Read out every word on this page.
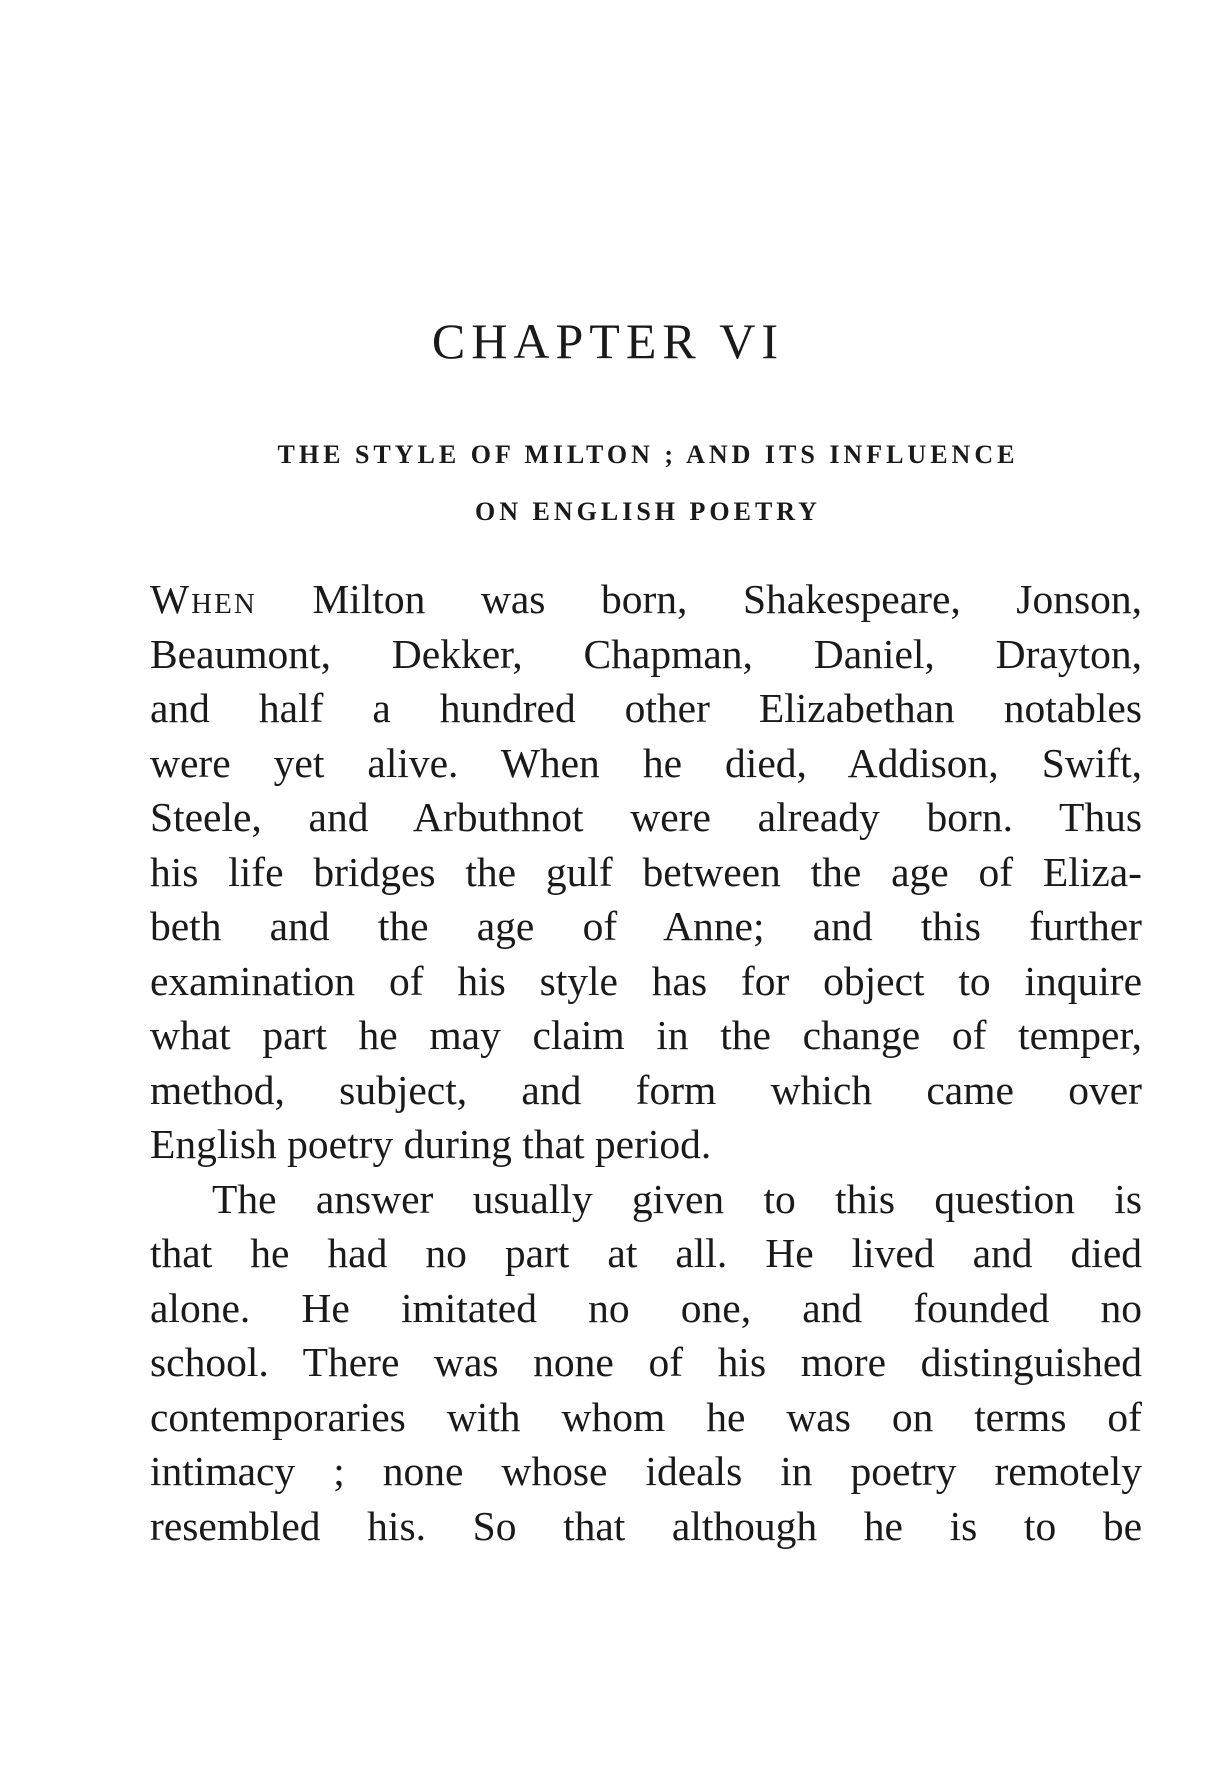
CHAPTER VI

THE STYLE OF MILTON ; AND ITS INFLUENCE

ON ENGLISH POETRY

When Milton was born, Shakespeare, Jonson,
Beaumont, Dekker, Chapman, Daniel, Drayton,
and half a hundred other Elizabethan notables
were yet alive. When he died, Addison, Swift,
Steele, and Arbuthnot were already born. Thus
his life bridges the gulf between the age of Eliza-
beth and the age of Anne; and this further
examination of his style has for object to inquire
what part he may claim in the change of temper,
method, subject, and form which came over
English poetry during that period.
The answer usually given to this question is
that he had no part at all. He lived and died
alone. He imitated no one, and founded no
school. There was none of his more distinguished
contemporaries with whom he was on terms of
intimacy ; none whose ideals in poetry remotely
resembled his. So that although he is to be
